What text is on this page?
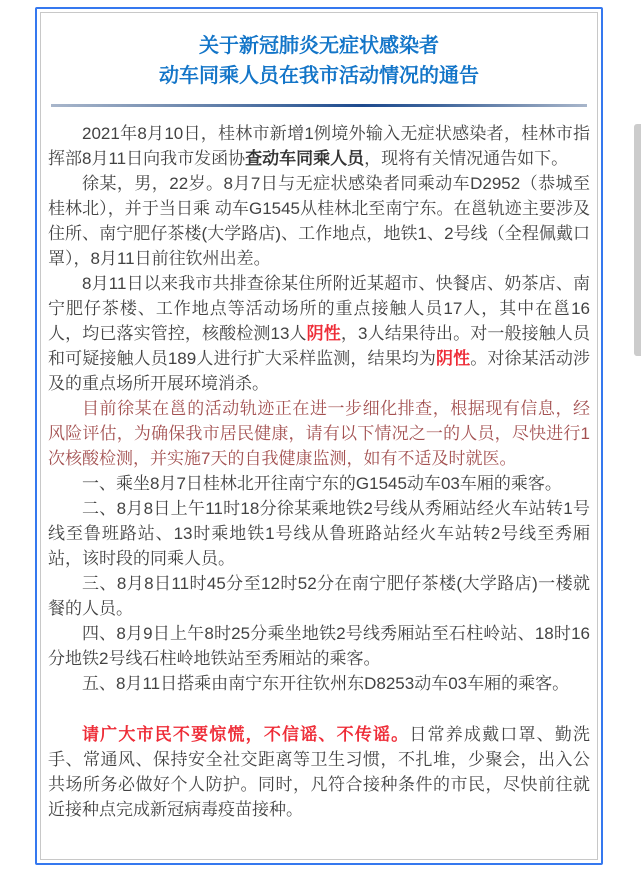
关于新冠肺炎无症状感染者
动车同乘人员在我市活动情况的通告

2021年8月10日，桂林市新增1例境外输入无症状感染者，桂林市指挥部8月11日向我市发函协查动车同乘人员，现将有关情况通告如下。

徐某，男，22岁。8月7日与无症状感染者同乘动车D2952（恭城至桂林北），并于当日乘 动车G1545从桂林北至南宁东。在邕轨迹主要涉及住所、南宁肥仔茶楼(大学路店)、工作地点，地铁1、2号线（全程佩戴口罩），8月11日前往钦州出差。

8月11日以来我市共排查徐某住所附近某超市、快餐店、奶茶店、南宁肥仔茶楼、工作地点等活动场所的重点接触人员17人，其中在邕16人，均已落实管控，核酸检测13人阴性，3人结果待出。对一般接触人员和可疑接触人员189人进行扩大采样监测，结果均为阴性。对徐某活动涉及的重点场所开展环境消杀。

目前徐某在邕的活动轨迹正在进一步细化排查，根据现有信息，经风险评估，为确保我市居民健康，请有以下情况之一的人员，尽快进行1次核酸检测，并实施7天的自我健康监测，如有不适及时就医。

一、乘坐8月7日桂林北开往南宁东的G1545动车03车厢的乘客。

二、8月8日上午11时18分徐某乘地铁2号线从秀厢站经火车站转1号线至鲁班路站、13时乘地铁1号线从鲁班路站经火车站转2号线至秀厢站，该时段的同乘人员。

三、8月8日11时45分至12时52分在南宁肥仔茶楼(大学路店)一楼就餐的人员。

四、8月9日上午8时25分乘坐地铁2号线秀厢站至石柱岭站、18时16分地铁2号线石柱岭地铁站至秀厢站的乘客。

五、8月11日搭乘由南宁东开往钦州东D8253动车03车厢的乘客。

请广大市民不要惊慌，不信谣、不传谣。日常养成戴口罩、勤洗手、常通风、保持安全社交距离等卫生习惯，不扎堆，少聚会，出入公共场所务必做好个人防护。同时，凡符合接种条件的市民，尽快前往就近接种点完成新冠病毒疫苗接种。
